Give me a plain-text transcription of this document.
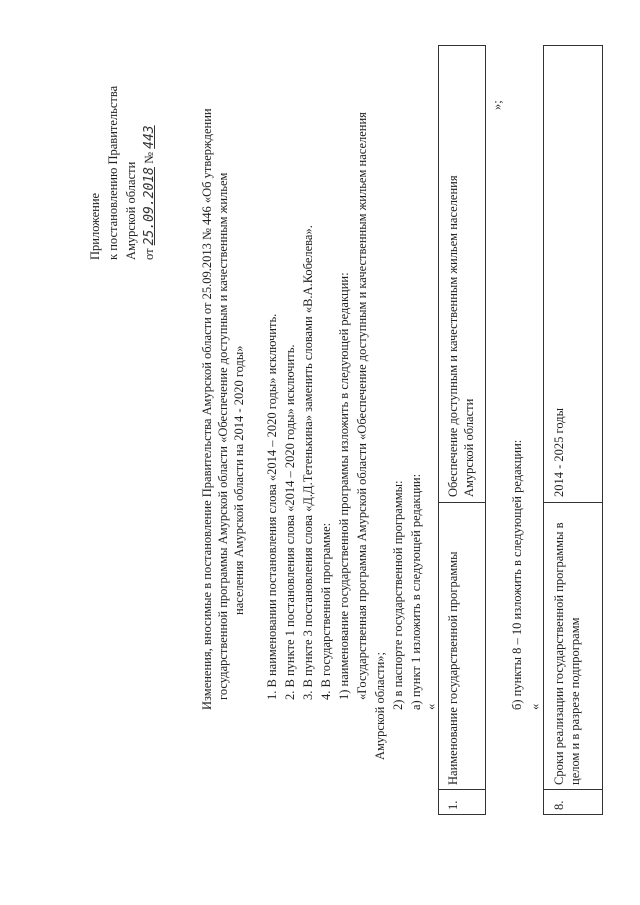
Приложение к постановлению Правительства Амурской области от 25.09.2018 № 443	Изменения, вносимые в постановление Правительства Амурской области от 25.09.2013 № 446 «Об утверждении государственной программы Амурской области «Обеспечение доступным и качественным жильем населения Амурской области на 2014 - 2020 годы» 1. В наименовании постановления слова «2014 – 2020 годы» исключить. 2. В пункте 1 постановления слова «2014 – 2020 годы» исключить. 3. В пункте 3 постановления слова «Д.Д.Тетенькина» заменить словами «В.А.Кобелева». 4. В государственной программе: 1) наименование государственной программы изложить в следующей редакции: «Государственная программа Амурской области «Обеспечение доступным и качественным жильем населения
Амурской области»; 2) в паспорте государственной программы: а) пункт 1 изложить в следующей редакции: «
1.
Наименование государственной программы
Обеспечение доступным и качественным жильем населения Амурской области
»;
б) пункты 8 – 10 изложить в следующей редакции: «
8.
Сроки реализации государственной программы в целом и в разрезе подпрограмм
2014 - 2025 годы
